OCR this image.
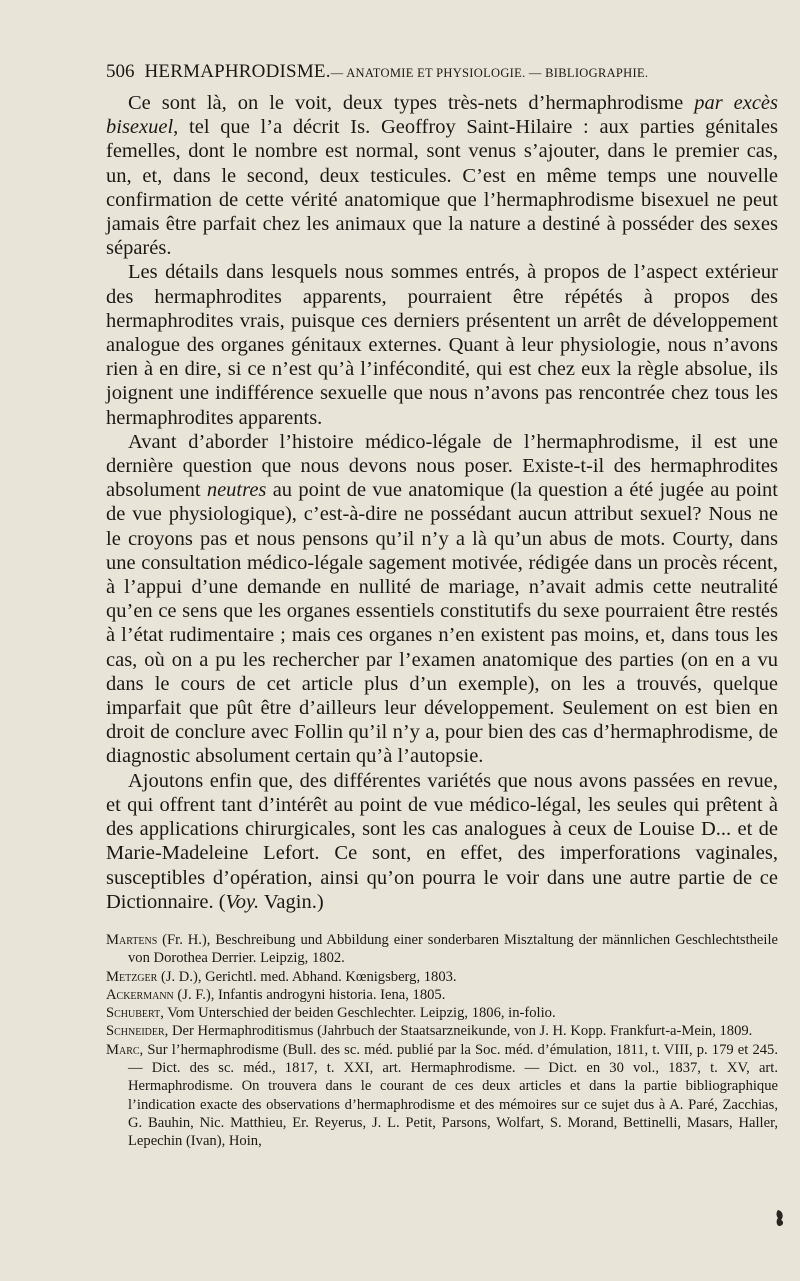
506 HERMAPHRODISME. — ANATOMIE ET PHYSIOLOGIE. — BIBLIOGRAPHIE.

Ce sont là, on le voit, deux types très-nets d’hermaphrodisme par excès bisexuel, tel que l’a décrit Is. Geoffroy Saint-Hilaire : aux parties génitales femelles, dont le nombre est normal, sont venus s’ajouter, dans le premier cas, un, et, dans le second, deux testicules. C’est en même temps une nouvelle confirmation de cette vérité anatomique que l’hermaphrodisme bisexuel ne peut jamais être parfait chez les animaux que la nature a destiné à posséder des sexes séparés.

Les détails dans lesquels nous sommes entrés, à propos de l’aspect extérieur des hermaphrodites apparents, pourraient être répétés à propos des hermaphrodites vrais, puisque ces derniers présentent un arrêt de développement analogue des organes génitaux externes. Quant à leur physiologie, nous n’avons rien à en dire, si ce n’est qu’à l’infécondité, qui est chez eux la règle absolue, ils joignent une indifférence sexuelle que nous n’avons pas rencontrée chez tous les hermaphrodites apparents.

Avant d’aborder l’histoire médico-légale de l’hermaphrodisme, il est une dernière question que nous devons nous poser. Existe-t-il des hermaphrodites absolument neutres au point de vue anatomique (la question a été jugée au point de vue physiologique), c’est-à-dire ne possédant aucun attribut sexuel? Nous ne le croyons pas et nous pensons qu’il n’y a là qu’un abus de mots. Courty, dans une consultation médico-légale sagement motivée, rédigée dans un procès récent, à l’appui d’une demande en nullité de mariage, n’avait admis cette neutralité qu’en ce sens que les organes essentiels constitutifs du sexe pourraient être restés à l’état rudimentaire ; mais ces organes n’en existent pas moins, et, dans tous les cas, où on a pu les rechercher par l’examen anatomique des parties (on en a vu dans le cours de cet article plus d’un exemple), on les a trouvés, quelque imparfait que pût être d’ailleurs leur développement. Seulement on est bien en droit de conclure avec Follin qu’il n’y a, pour bien des cas d’hermaphrodisme, de diagnostic absolument certain qu’à l’autopsie.

Ajoutons enfin que, des différentes variétés que nous avons passées en revue, et qui offrent tant d’intérêt au point de vue médico-légal, les seules qui prêtent à des applications chirurgicales, sont les cas analogues à ceux de Louise D... et de Marie-Madeleine Lefort. Ce sont, en effet, des imperforations vaginales, susceptibles d’opération, ainsi qu’on pourra le voir dans une autre partie de ce Dictionnaire. (Voy. Vagin.)

Martens (Fr. H.), Beschreibung und Abbildung einer sonderbaren Misztaltung der männlichen Geschlechtstheile von Dorothea Derrier. Leipzig, 1802.

Metzger (J. D.), Gerichtl. med. Abhand. Kœnigsberg, 1803.

Ackermann (J. F.), Infantis androgyni historia. Iena, 1805.

Schubert, Vom Unterschied der beiden Geschlechter. Leipzig, 1806, in-folio.

Schneider, Der Hermaphroditismus (Jahrbuch der Staatsarzneikunde, von J. H. Kopp. Frankfurt-a-Mein, 1809.

Marc, Sur l’hermaphrodisme (Bull. des sc. méd. publié par la Soc. méd. d’émulation, 1811, t. VIII, p. 179 et 245. — Dict. des sc. méd., 1817, t. XXI, art. Hermaphrodisme. — Dict. en 30 vol., 1837, t. XV, art. Hermaphrodisme. On trouvera dans le courant de ces deux articles et dans la partie bibliographique l’indication exacte des observations d’hermaphrodisme et des mémoires sur ce sujet dus à A. Paré, Zacchias, G. Bauhin, Nic. Matthieu, Er. Reyerus, J. L. Petit, Parsons, Wolfart, S. Morand, Bettinelli, Masars, Haller, Lepechin (Ivan), Hoin,
